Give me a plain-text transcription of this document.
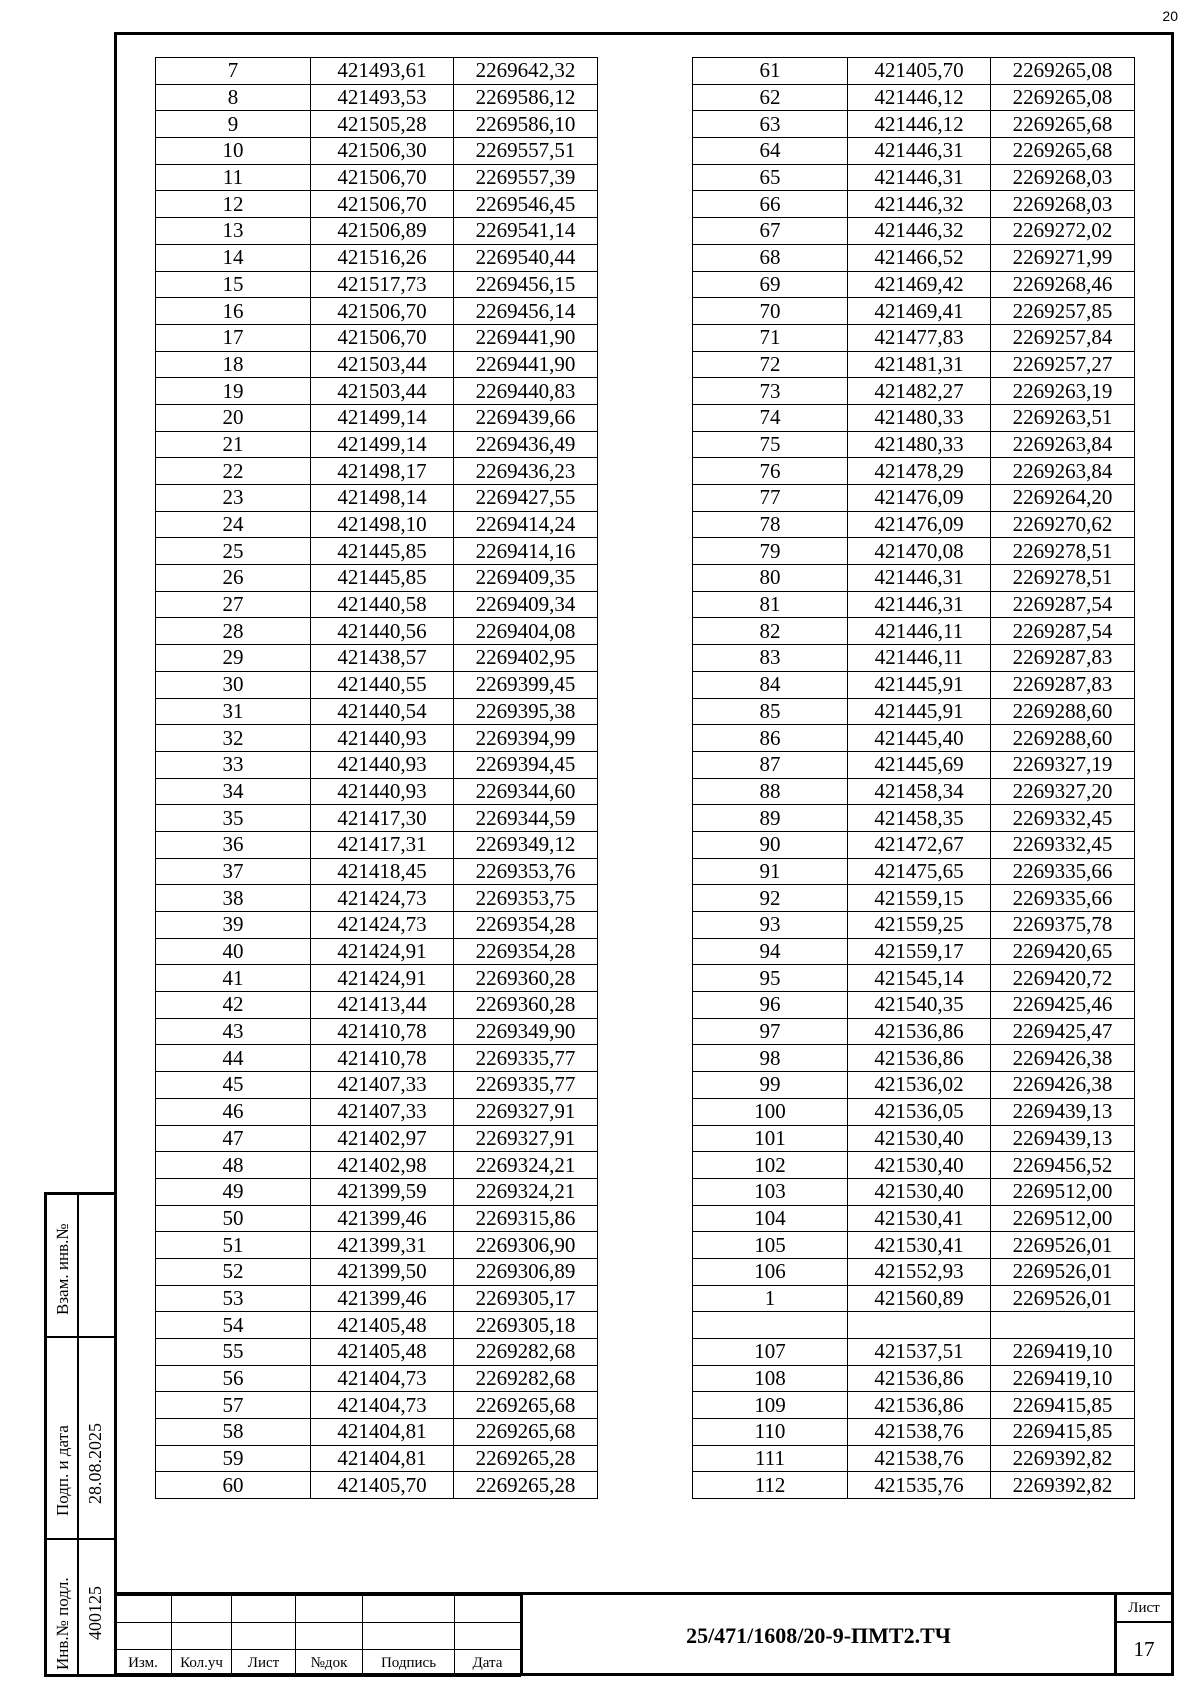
20
7	421493,61	2269642,32
8	421493,53	2269586,12
9	421505,28	2269586,10
10	421506,30	2269557,51
11	421506,70	2269557,39
12	421506,70	2269546,45
13	421506,89	2269541,14
14	421516,26	2269540,44
15	421517,73	2269456,15
16	421506,70	2269456,14
17	421506,70	2269441,90
18	421503,44	2269441,90
19	421503,44	2269440,83
20	421499,14	2269439,66
21	421499,14	2269436,49
22	421498,17	2269436,23
23	421498,14	2269427,55
24	421498,10	2269414,24
25	421445,85	2269414,16
26	421445,85	2269409,35
27	421440,58	2269409,34
28	421440,56	2269404,08
29	421438,57	2269402,95
30	421440,55	2269399,45
31	421440,54	2269395,38
32	421440,93	2269394,99
33	421440,93	2269394,45
34	421440,93	2269344,60
35	421417,30	2269344,59
36	421417,31	2269349,12
37	421418,45	2269353,76
38	421424,73	2269353,75
39	421424,73	2269354,28
40	421424,91	2269354,28
41	421424,91	2269360,28
42	421413,44	2269360,28
43	421410,78	2269349,90
44	421410,78	2269335,77
45	421407,33	2269335,77
46	421407,33	2269327,91
47	421402,97	2269327,91
48	421402,98	2269324,21
49	421399,59	2269324,21
50	421399,46	2269315,86
51	421399,31	2269306,90
52	421399,50	2269306,89
53	421399,46	2269305,17
54	421405,48	2269305,18
55	421405,48	2269282,68
56	421404,73	2269282,68
57	421404,73	2269265,68
58	421404,81	2269265,68
59	421404,81	2269265,28
60	421405,70	2269265,28
61	421405,70	2269265,08
62	421446,12	2269265,08
63	421446,12	2269265,68
64	421446,31	2269265,68
65	421446,31	2269268,03
66	421446,32	2269268,03
67	421446,32	2269272,02
68	421466,52	2269271,99
69	421469,42	2269268,46
70	421469,41	2269257,85
71	421477,83	2269257,84
72	421481,31	2269257,27
73	421482,27	2269263,19
74	421480,33	2269263,51
75	421480,33	2269263,84
76	421478,29	2269263,84
77	421476,09	2269264,20
78	421476,09	2269270,62
79	421470,08	2269278,51
80	421446,31	2269278,51
81	421446,31	2269287,54
82	421446,11	2269287,54
83	421446,11	2269287,83
84	421445,91	2269287,83
85	421445,91	2269288,60
86	421445,40	2269288,60
87	421445,69	2269327,19
88	421458,34	2269327,20
89	421458,35	2269332,45
90	421472,67	2269332,45
91	421475,65	2269335,66
92	421559,15	2269335,66
93	421559,25	2269375,78
94	421559,17	2269420,65
95	421545,14	2269420,72
96	421540,35	2269425,46
97	421536,86	2269425,47
98	421536,86	2269426,38
99	421536,02	2269426,38
100	421536,05	2269439,13
101	421530,40	2269439,13
102	421530,40	2269456,52
103	421530,40	2269512,00
104	421530,41	2269512,00
105	421530,41	2269526,01
106	421552,93	2269526,01
1	421560,89	2269526,01

107	421537,51	2269419,10
108	421536,86	2269419,10
109	421536,86	2269415,85
110	421538,76	2269415,85
111	421538,76	2269392,82
112	421535,76	2269392,82
Взам. инв.№
Подп. и дата 28.08.2025
Инв.№ подл. 400125

Изм.	Кол.уч	Лист	№док	Подпись	Дата
25/471/1608/20-9-ПМТ2.ТЧ
Лист
17
